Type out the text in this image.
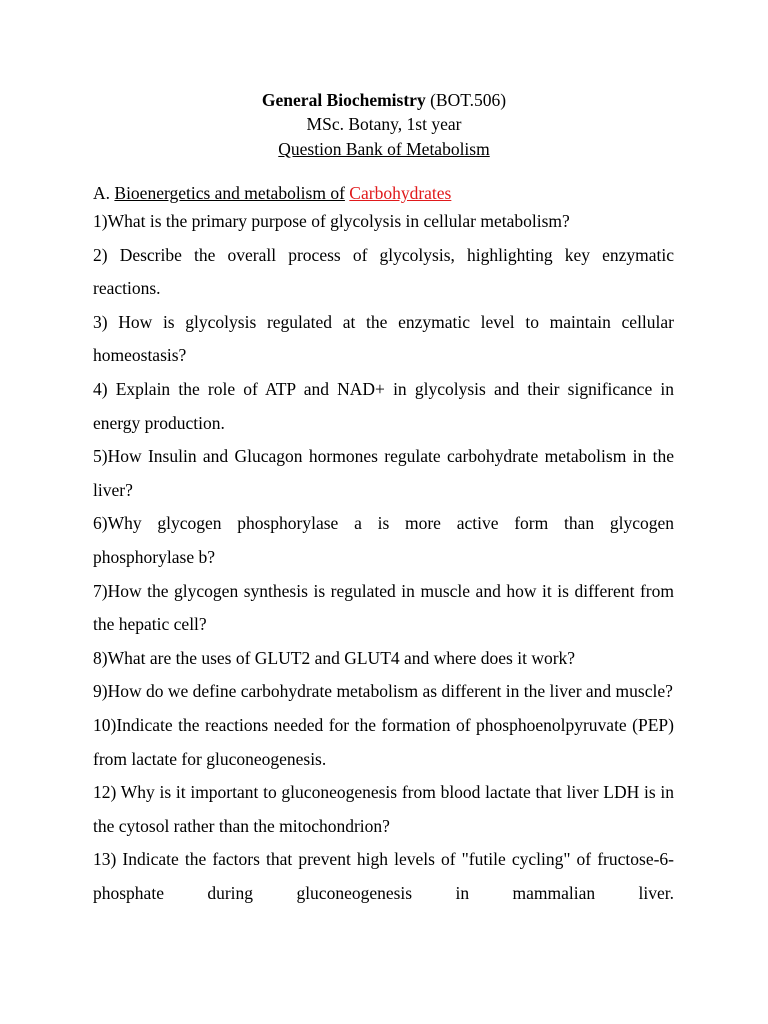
General Biochemistry (BOT.506)
MSc. Botany, 1st year
Question Bank of Metabolism
A. Bioenergetics and metabolism of Carbohydrates
1)What is the primary purpose of glycolysis in cellular metabolism?
2) Describe the overall process of glycolysis, highlighting key enzymatic reactions.
3) How is glycolysis regulated at the enzymatic level to maintain cellular homeostasis?
4) Explain the role of ATP and NAD+ in glycolysis and their significance in energy production.
5)How Insulin and Glucagon hormones regulate carbohydrate metabolism in the liver?
6)Why glycogen phosphorylase a is more active form than glycogen phosphorylase b?
7)How the glycogen synthesis is regulated in muscle and how it is different from the hepatic cell?
8)What are the uses of GLUT2 and GLUT4 and where does it work?
9)How do we define carbohydrate metabolism as different in the liver and muscle?
10)Indicate the reactions needed for the formation of phosphoenolpyruvate (PEP) from lactate for gluconeogenesis.
12) Why is it important to gluconeogenesis from blood lactate that liver LDH is in the cytosol rather than the mitochondrion?
13) Indicate the factors that prevent high levels of "futile cycling" of fructose-6-phosphate during gluconeogenesis in mammalian liver.
